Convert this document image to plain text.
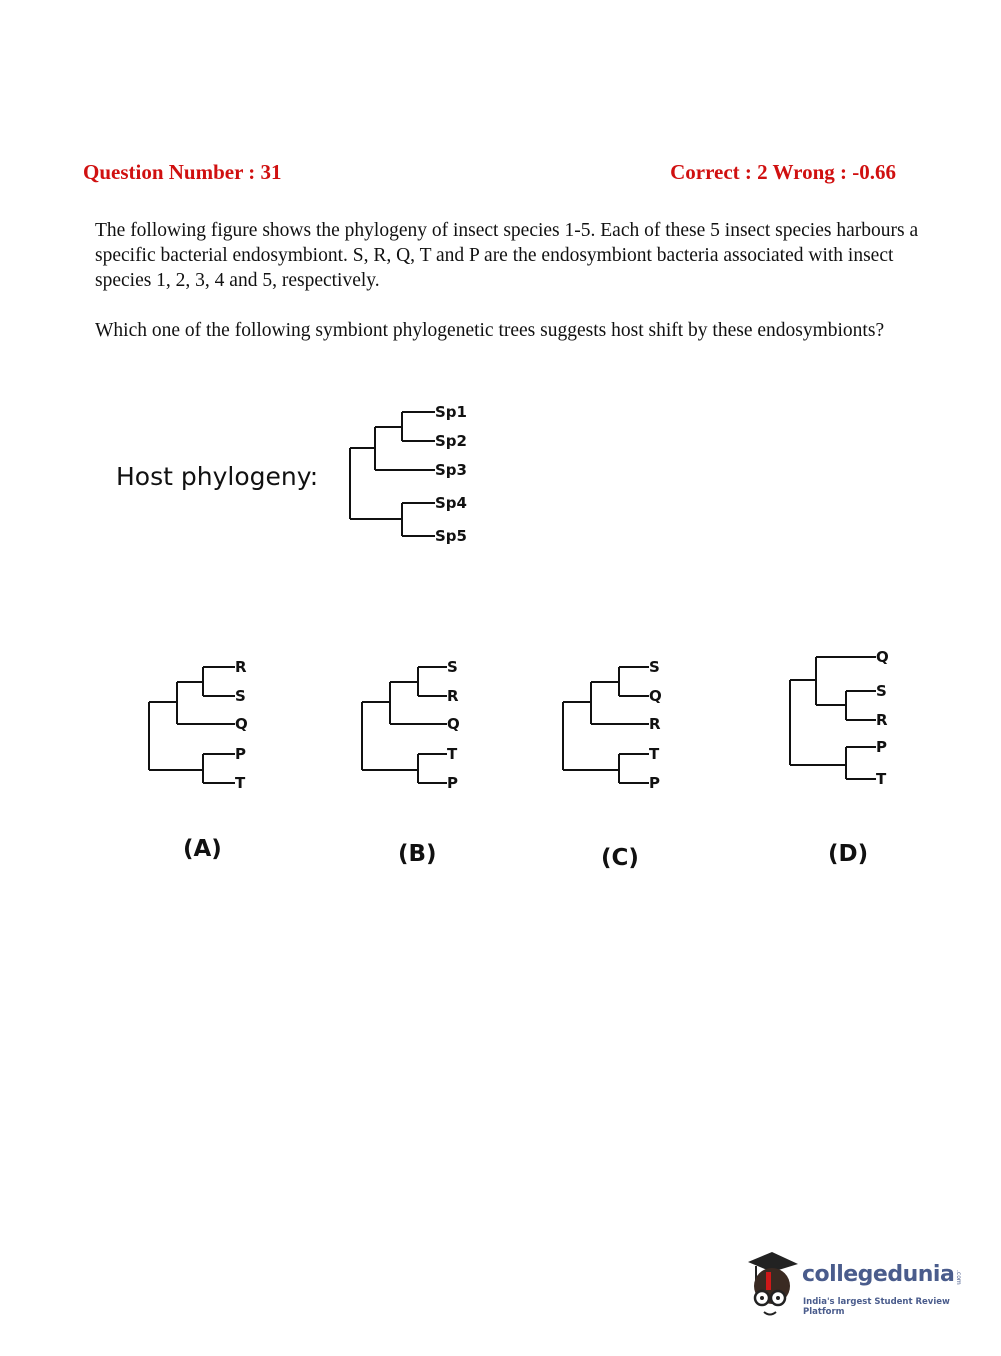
Question Number : 31	Correct : 2 Wrong : -0.66
The following figure shows the phylogeny of insect species 1-5. Each of these 5 insect species harbours a specific bacterial endosymbiont. S, R, Q, T and P are the endosymbiont bacteria associated with insect species 1, 2, 3, 4 and 5, respectively.
Which one of the following symbiont phylogenetic trees suggests host shift by these endosymbionts?
Host phylogeny:
Sp1
Sp2
Sp3
Sp4
Sp5
R
S
Q
P
T
S
R
Q
T
P
S
Q
R
T
P
Q
S
R
P
T
(A)	(B)	(C)	(D)
collegedunia .com
India's largest Student Review Platform
